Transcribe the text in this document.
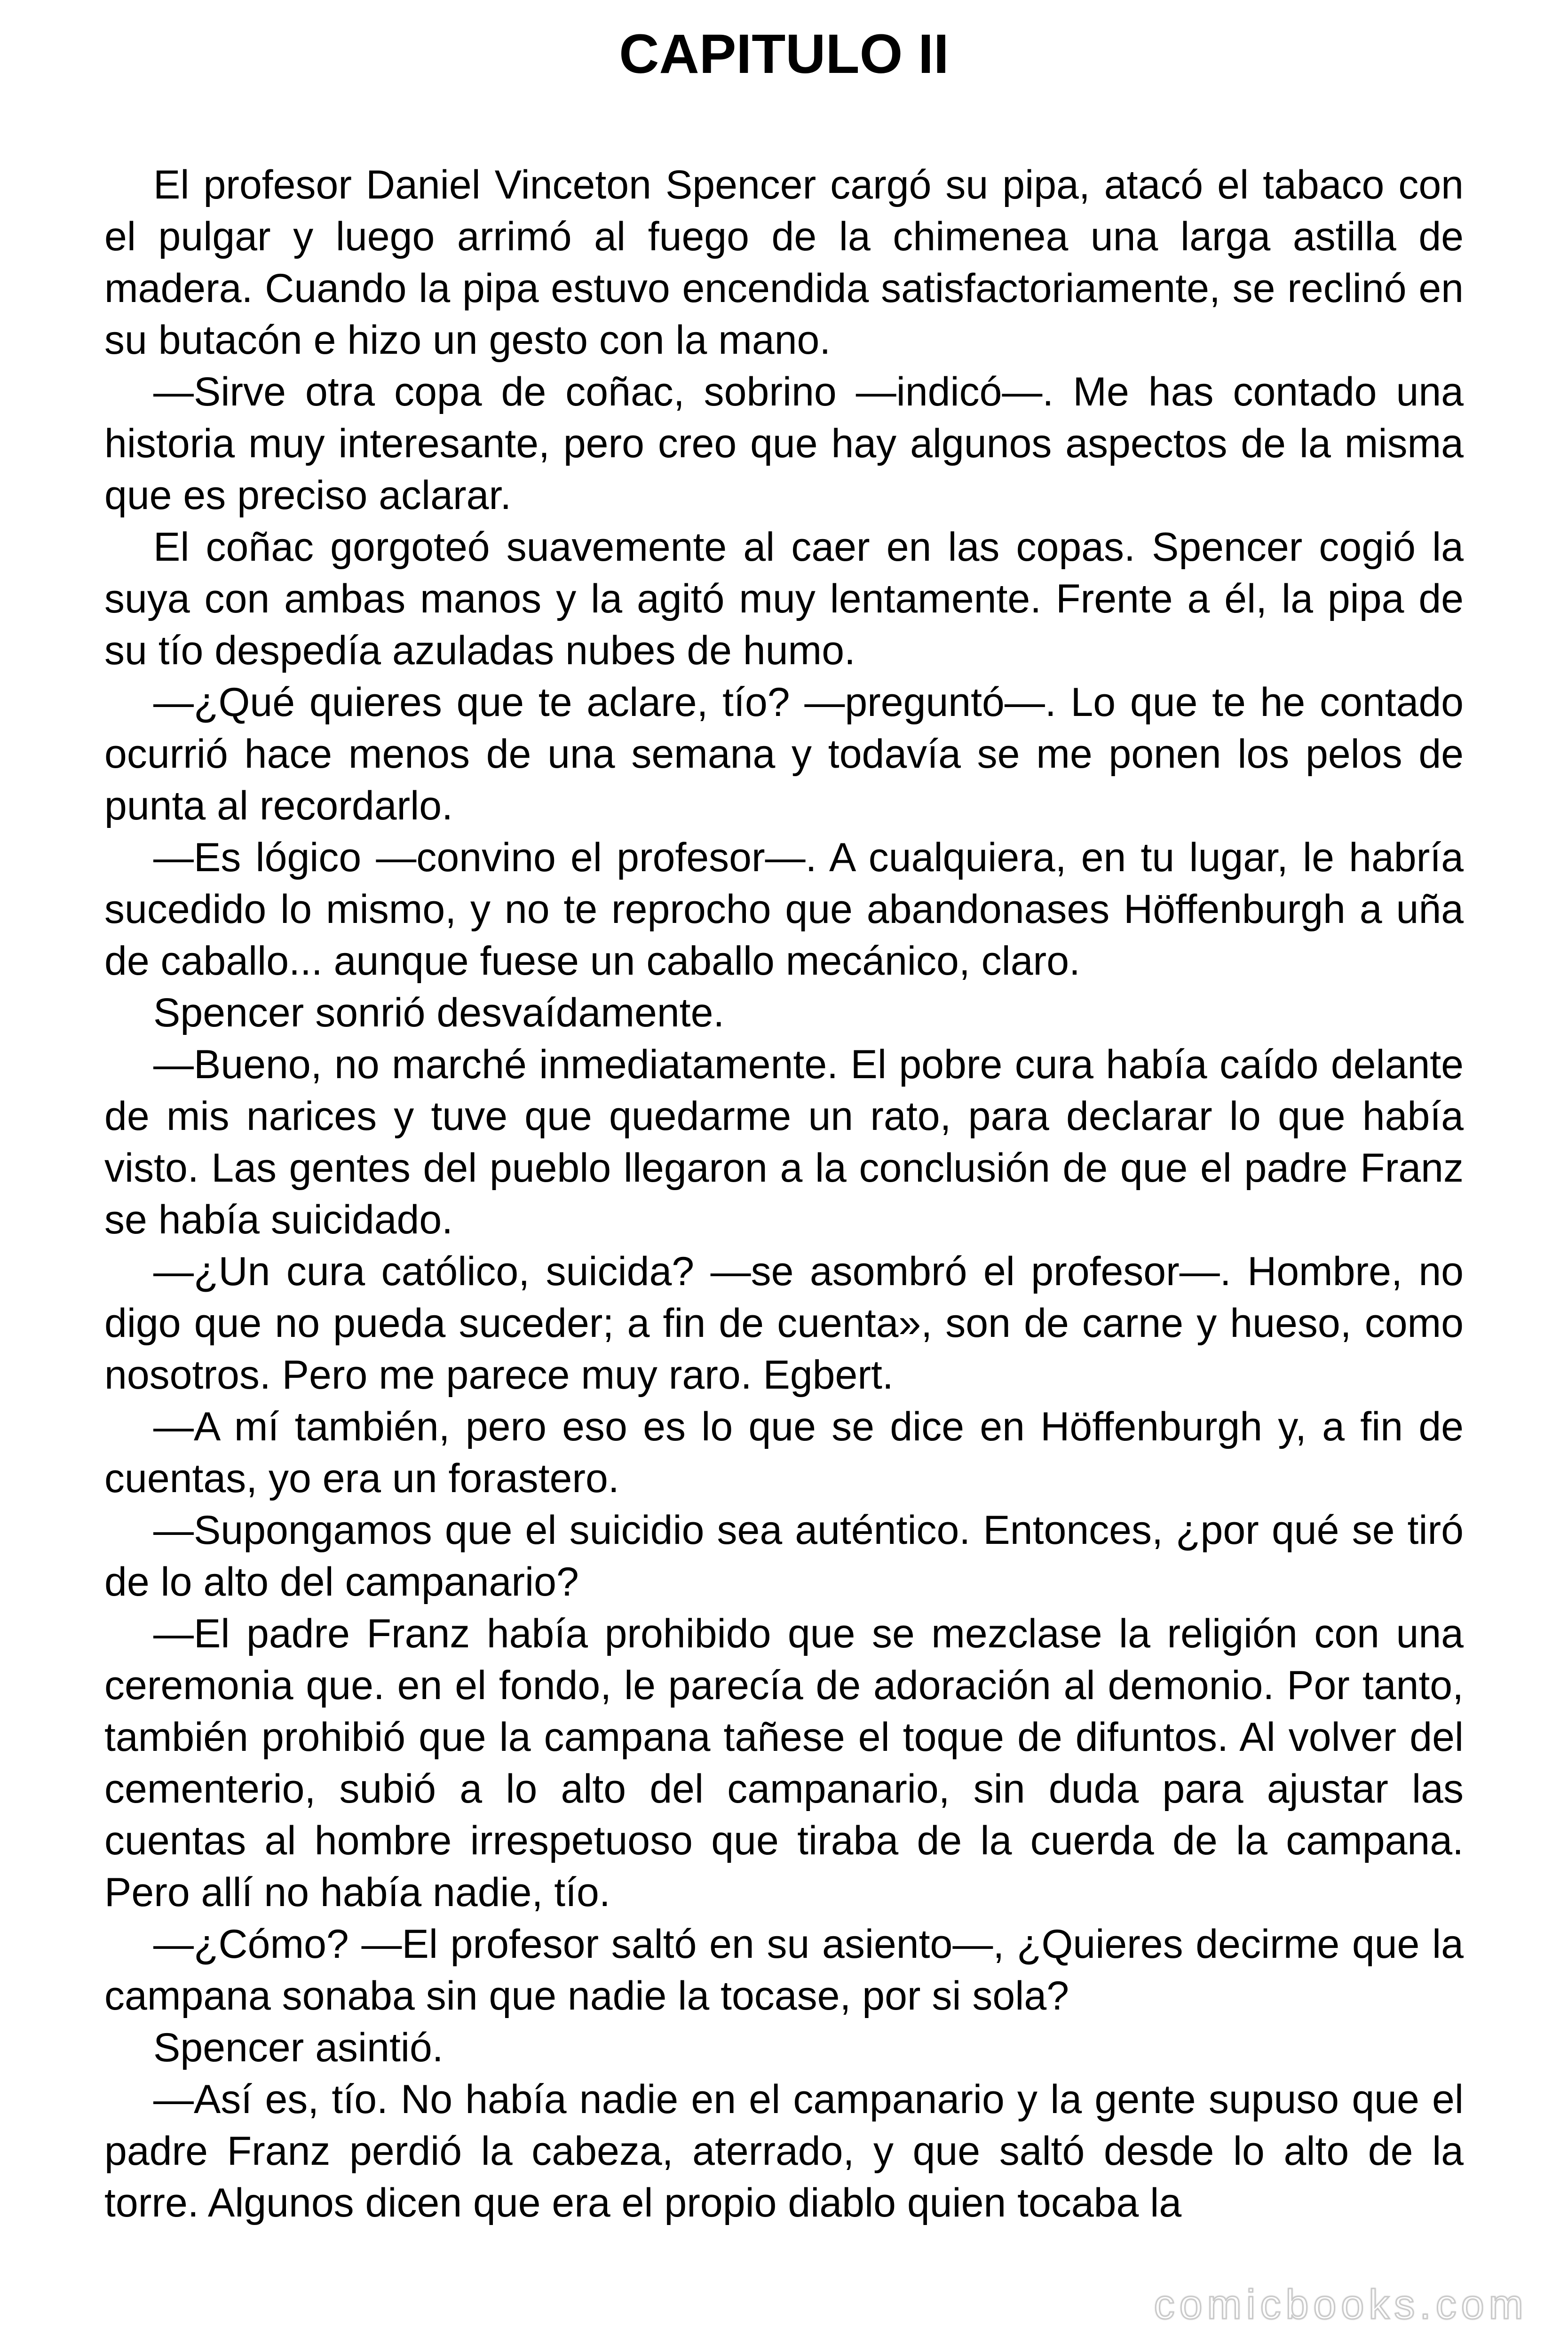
CAPITULO II

El profesor Daniel Vinceton Spencer cargó su pipa, atacó el tabaco con el pulgar y luego arrimó al fuego de la chimenea una larga astilla de madera. Cuando la pipa estuvo encendida satisfactoriamente, se reclinó en su butacón e hizo un gesto con la mano.

—Sirve otra copa de coñac, sobrino —indicó—. Me has contado una historia muy interesante, pero creo que hay algunos aspectos de la misma que es preciso aclarar.

El coñac gorgoteó suavemente al caer en las copas. Spencer cogió la suya con ambas manos y la agitó muy lentamente. Frente a él, la pipa de su tío despedía azuladas nubes de humo.

—¿Qué quieres que te aclare, tío? —preguntó—. Lo que te he contado ocurrió hace menos de una semana y todavía se me ponen los pelos de punta al recordarlo.

—Es lógico —convino el profesor—. A cualquiera, en tu lugar, le habría sucedido lo mismo, y no te reprocho que abandonases Höffenburgh a uña de caballo... aunque fuese un caballo mecánico, claro.

Spencer sonrió desvaídamente.

—Bueno, no marché inmediatamente. El pobre cura había caído delante de mis narices y tuve que quedarme un rato, para declarar lo que había visto. Las gentes del pueblo llegaron a la conclusión de que el padre Franz se había suicidado.

—¿Un cura católico, suicida? —se asombró el profesor—. Hombre, no digo que no pueda suceder; a fin de cuenta», son de carne y hueso, como nosotros. Pero me parece muy raro. Egbert.

—A mí también, pero eso es lo que se dice en Höffenburgh y, a fin de cuentas, yo era un forastero.

—Supongamos que el suicidio sea auténtico. Entonces, ¿por qué se tiró de lo alto del campanario?

—El padre Franz había prohibido que se mezclase la religión con una ceremonia que. en el fondo, le parecía de adoración al demonio. Por tanto, también prohibió que la campana tañese el toque de difuntos. Al volver del cementerio, subió a lo alto del campanario, sin duda para ajustar las cuentas al hombre irrespetuoso que tiraba de la cuerda de la campana. Pero allí no había nadie, tío.

—¿Cómo? —El profesor saltó en su asiento—, ¿Quieres decirme que la campana sonaba sin que nadie la tocase, por si sola?

Spencer asintió.

—Así es, tío. No había nadie en el campanario y la gente supuso que el padre Franz perdió la cabeza, aterrado, y que saltó desde lo alto de la torre. Algunos dicen que era el propio diablo quien tocaba la

comicbooks.com
